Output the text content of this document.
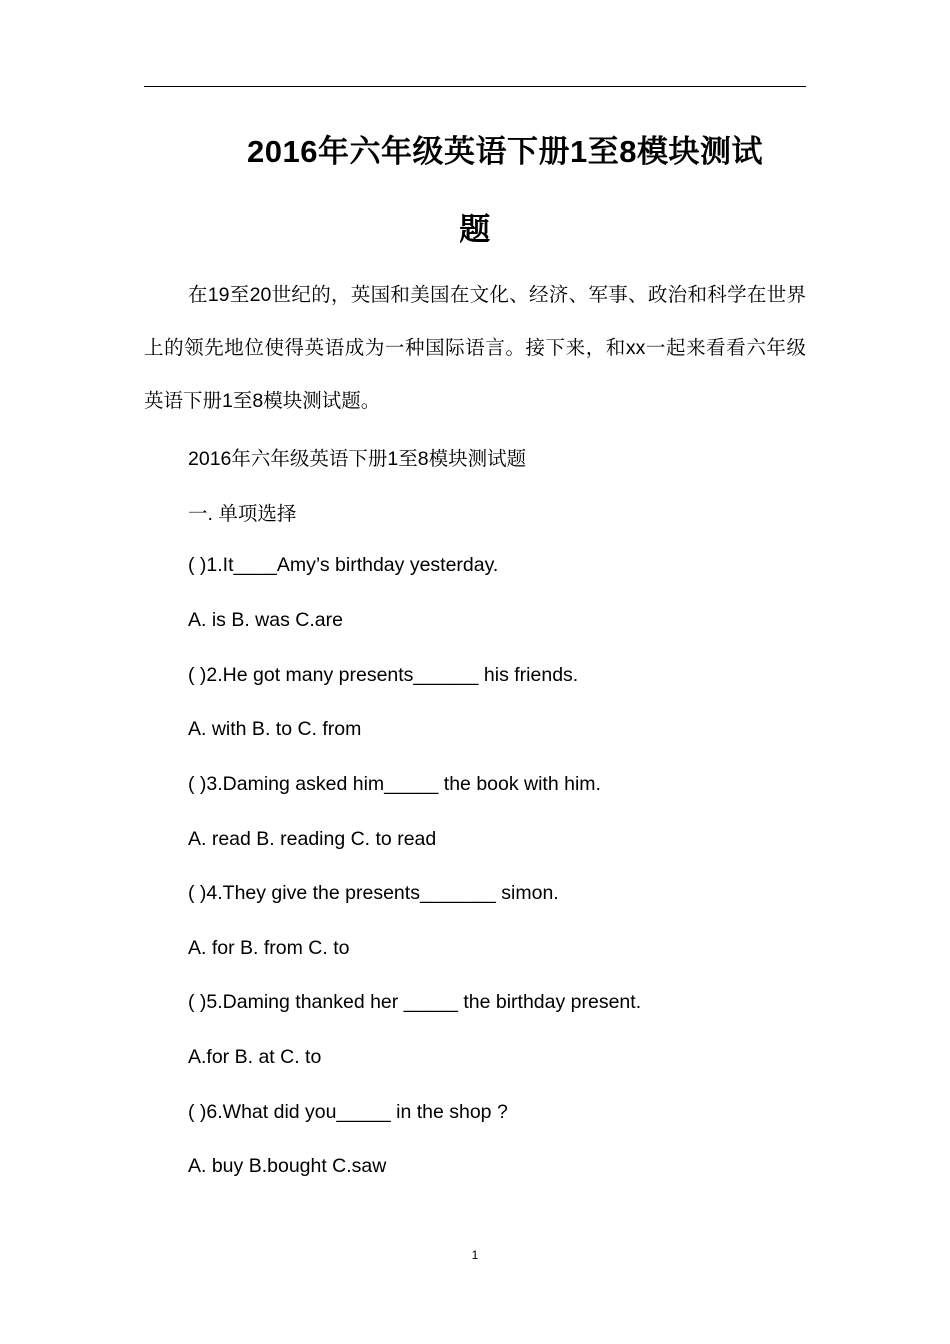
2016年六年级英语下册1至8模块测试
题

在19至20世纪的，英国和美国在文化、经济、军事、政治和科学在世界上的领先地位使得英语成为一种国际语言。接下来，和xx一起来看看六年级英语下册1至8模块测试题。

2016年六年级英语下册1至8模块测试题

一. 单项选择

( )1.It____Amy’s birthday yesterday.

A. is B. was C.are

( )2.He got many presents______ his friends.

A. with B. to C. from

( )3.Daming asked him_____ the book with him.

A. read B. reading C. to read

( )4.They give the presents_______ simon.

A. for B. from C. to

( )5.Daming thanked her _____ the birthday present.

A.for B. at C. to

( )6.What did you_____ in the shop ?

A. buy B.bought C.saw

1
